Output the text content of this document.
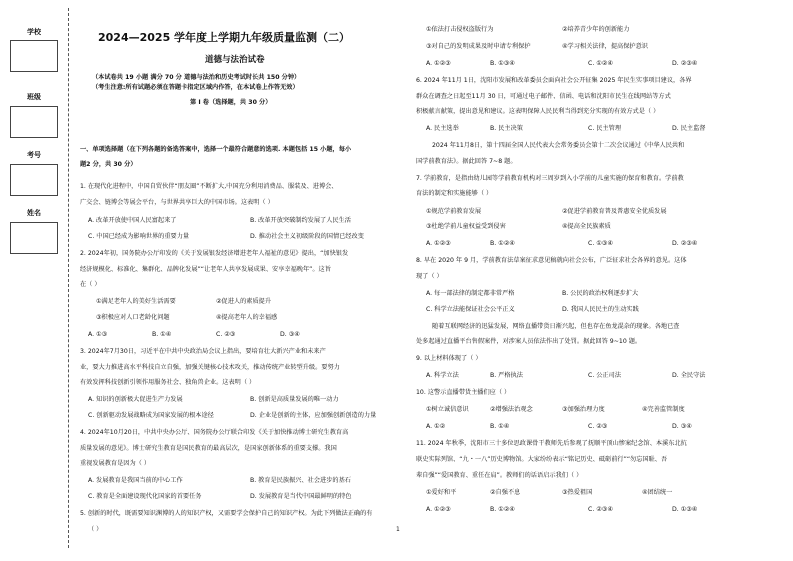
学校
班级
考号
姓名
2024—2025 学年度上学期九年级质量监测（二）
道德与法治试卷
（本试卷共 19 小题 满分 70 分 道德与法治和历史考试时长共 150 分钟）
（考生注意:所有试题必须在答题卡指定区域内作答，在本试卷上作答无效）
第 I 卷（选择题，共 30 分）
一、单项选择题（在下列各题的备选答案中，选择一个最符合题意的选项. 本题包括 15 小题，每小
题2 分，共 30 分）
1. 在现代化进程中，中国自贸伙伴“朋友圈”不断扩大,中国充分利用消费品、服装及、进博会、
广交会、链博会等展会平台，与世界共享巨大的中国市场。这表明（ ）
A. 改革开放使中国人民富起来了	B. 改革开放突破制约发展了人民生活
C. 中国已经成为影响世界的重要力量	D. 推动社会主义初级阶段的国情已经改变
2. 2024年初，国务院办公厅印发的《关于发展银发经济增进老年人福祉的意见》提出，“加快银发
经济规模化、标准化、集群化、品牌化发展”“让老年人共享发展成果、安享幸福晚年”。这旨
在（ ）
①满足老年人的美好生活需要	②促进人的素质提升
③积极应对人口老龄化问题	④提高老年人的幸福感
A. ①③	B. ①④	C. ②③	D. ③④
3. 2024年7月30日，习近平在中共中央政治局会议上指出，要培育壮大新兴产业和未来产
业，要大力推进高水平科技自立自强，加强关键核心技术攻关，推动传统产业转型升级。要努力
有效发挥科技创新引领作用服务社会、独角兽企业。这表明（ ）
A. 知识的创新极大促进生产力发展	B. 创新是高质量发展的唯一动力
C. 创新驱动发展战略成为国家发展的根本途径	D. 企业是创新的主体，应加强创新创造的力量
4. 2024年10月20日，中共中央办公厅、国务院办公厅联合印发《关于加快推动博士研究生教育高
质量发展的意见》。博士研究生教育是国民教育的最高层次，是国家创新体系的重要支撑。我国
重视发展教育是因为（ ）
A. 发展教育是我国当前的中心工作	B. 教育是民族振兴、社会进步的基石
C. 教育是全面建设现代化国家的首要任务	D. 发展教育是当代中国最鲜明的特色
5. 创新的时代，既需要知识渊博的人的知识产权，又需要学会保护自己的知识产权。为此下列做法正确的有
（ ）
①依法打击侵权盗版行为	②培养青少年的创新能力
③对自己的发明成果及时申请专利保护	④学习相关法律，提高保护意识
A. ①②③	B. ①③④	C. ①②④	D. ②③④
6. 2024 年11月 1日，沈阳市发展和改革委员会面向社会公开征集 2025 年民生实事项目建议，各界
群众在调查之日起至11月 30 日，可通过电子邮件、信函、电话和沈阳市民生在线网站等方式
积极献言献策，提出意见和建议。这表明保障人民民利当得到充分实现的有效方式是（ ）
A. 民主选举	B. 民主决策	C. 民主管理	D. 民主监督
2024 年11月8日，第十四届全国人民代表大会常务委员会第十二次会议通过《中华人民共和
国学前教育法》。据此回答 7~8 题。
7. 学前教育，是指由幼儿园等学前教育机构对三周岁到入小学前的儿童实施的保育和教育。学前教
育法的制定和实施能够（ ）
①规范学前教育发展	②促进学前教育普及普惠安全优质发展
③杜绝学前儿童权益受到侵害	④提高全民族素质
A. ①②③	B. ①②④	C. ①③④	D. ②③④
8. 早在 2020 年 9 月，学前教育法草案征求意见稿就向社会公布，广泛征求社会各界的意见。这体
现了（ ）
A. 每一部法律的制定都非常严格	B. 公民的政治权利逐步扩大
C. 科学立法能保证社会公平正义	D. 我国人民民主的生动实践
随着互联网经济的迅猛发展，网络直播带货日渐兴起，但也存在鱼龙混杂的现象。各地已查
处多起通过直播平台售假案件，对涉案人员依法作出了处罚。据此回答 9~10 题。
9. 以上材料体现了（ ）
A. 科学立法	B. 严格执法	C. 公正司法	D. 全民守法
10. 这警示直播带货主播们应（ ）
①树立诚信意识	②增强法治观念	③加强治理力度	④完善监管制度
A. ①②	B. ①④	C. ②③	D. ③④
11. 2024 年秋季，沈阳市三十多位思政课骨干教师先后参观了抚顺平顶山惨案纪念馆、本溪东北抗
联史实际列馆、“九・一八”历史博物馆。大家纷纷表示“铭记历史、砥砺前行”“勿忘国耻、吾
辈自强”“爱国教育、重任在肩”。教师们的话语启示我们（ ）
①爱好和平	②自强不息	③热爱祖国	④团结统一
A. ①②③	B. ①②④	C. ②③④	D. ①③④
1
